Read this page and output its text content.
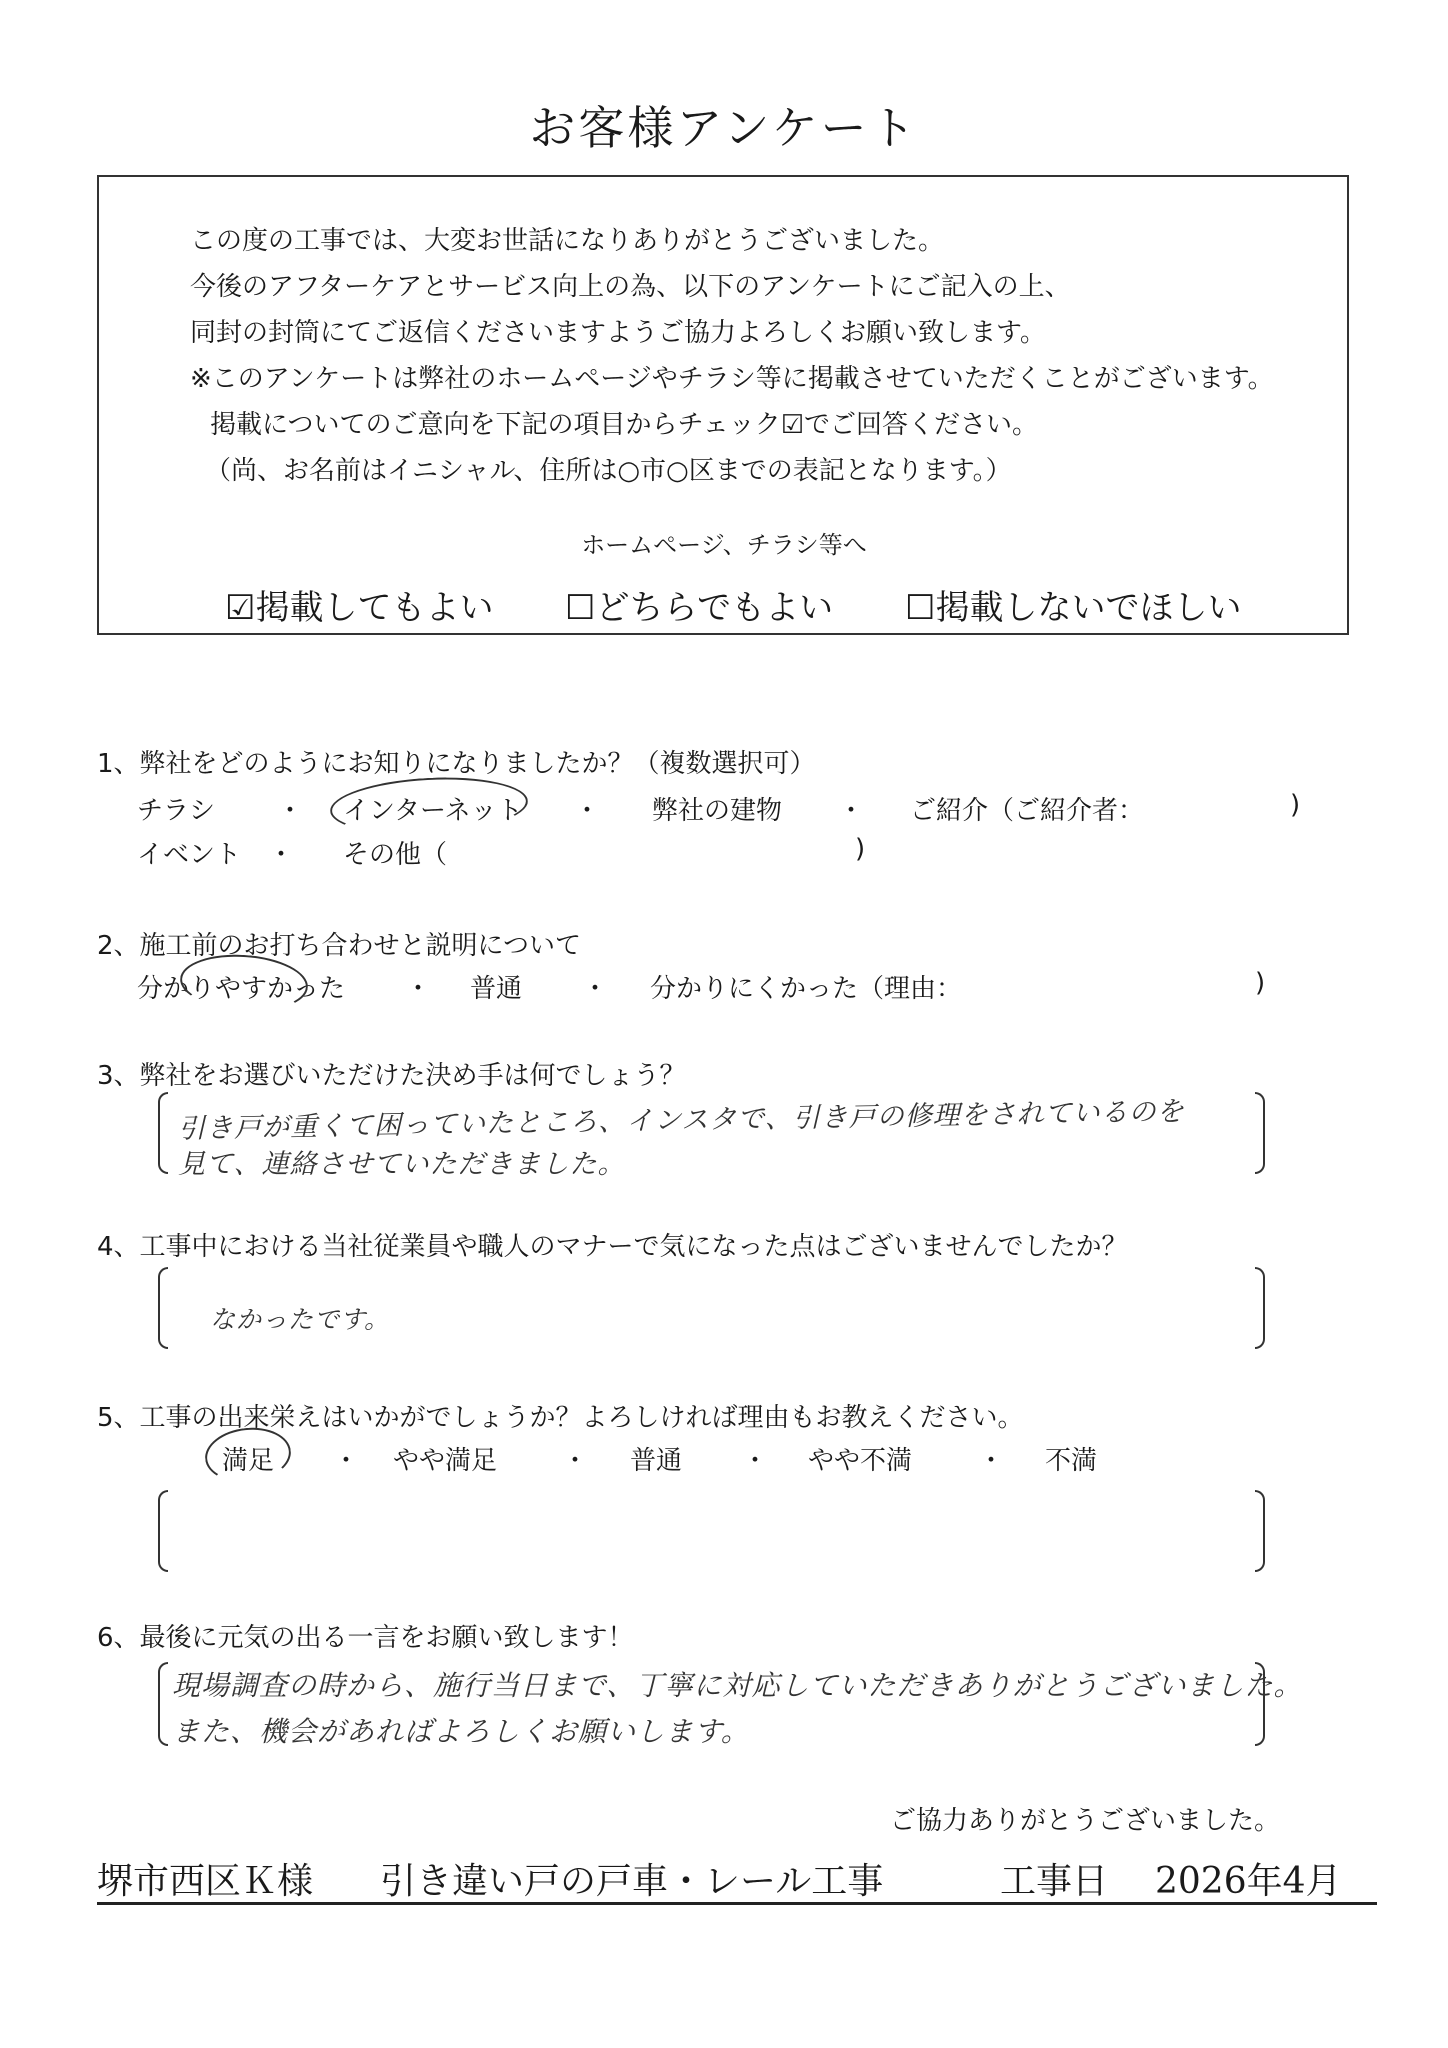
お客様アンケート
この度の工事では、大変お世話になりありがとうございました。
今後のアフターケアとサービス向上の為、以下のアンケートにご記入の上、
同封の封筒にてご返信くださいますようご協力よろしくお願い致します。
※このアンケートは弊社のホームページやチラシ等に掲載させていただくことがございます。
掲載についてのご意向を下記の項目からチェック☑でご回答ください。
（尚、お名前はイニシャル、住所は○市○区までの表記となります。）
ホームページ、チラシ等へ
☑掲載してもよい ☐どちらでもよい ☐掲載しないでほしい
1、弊社をどのようにお知りになりましたか？（複数選択可）
チラシ ・ インターネット ・ 弊社の建物 ・ ご紹介（ご紹介者：	)
イベント ・ その他（	)
2、施工前のお打ち合わせと説明について
分かりやすかった ・ 普通 ・ 分かりにくかった（理由：	)
3、弊社をお選びいただけた決め手は何でしょう？
引き戸が重くて困っていたところ、インスタで、引き戸の修理をされているのを
見て、連絡させていただきました。
4、工事中における当社従業員や職人のマナーで気になった点はございませんでしたか？
なかったです。
5、工事の出来栄えはいかがでしょうか？よろしければ理由もお教えください。
満足 ・ やや満足 ・ 普通 ・ やや不満	・ 不満
6、最後に元気の出る一言をお願い致します！
現場調査の時から、施行当日まで、丁寧に対応していただきありがとうございました。
また、機会があればよろしくお願いします。
ご協力ありがとうございました。
堺市西区Ｋ様 引き違い戸の戸車・レール工事	工事日 2026年4月
